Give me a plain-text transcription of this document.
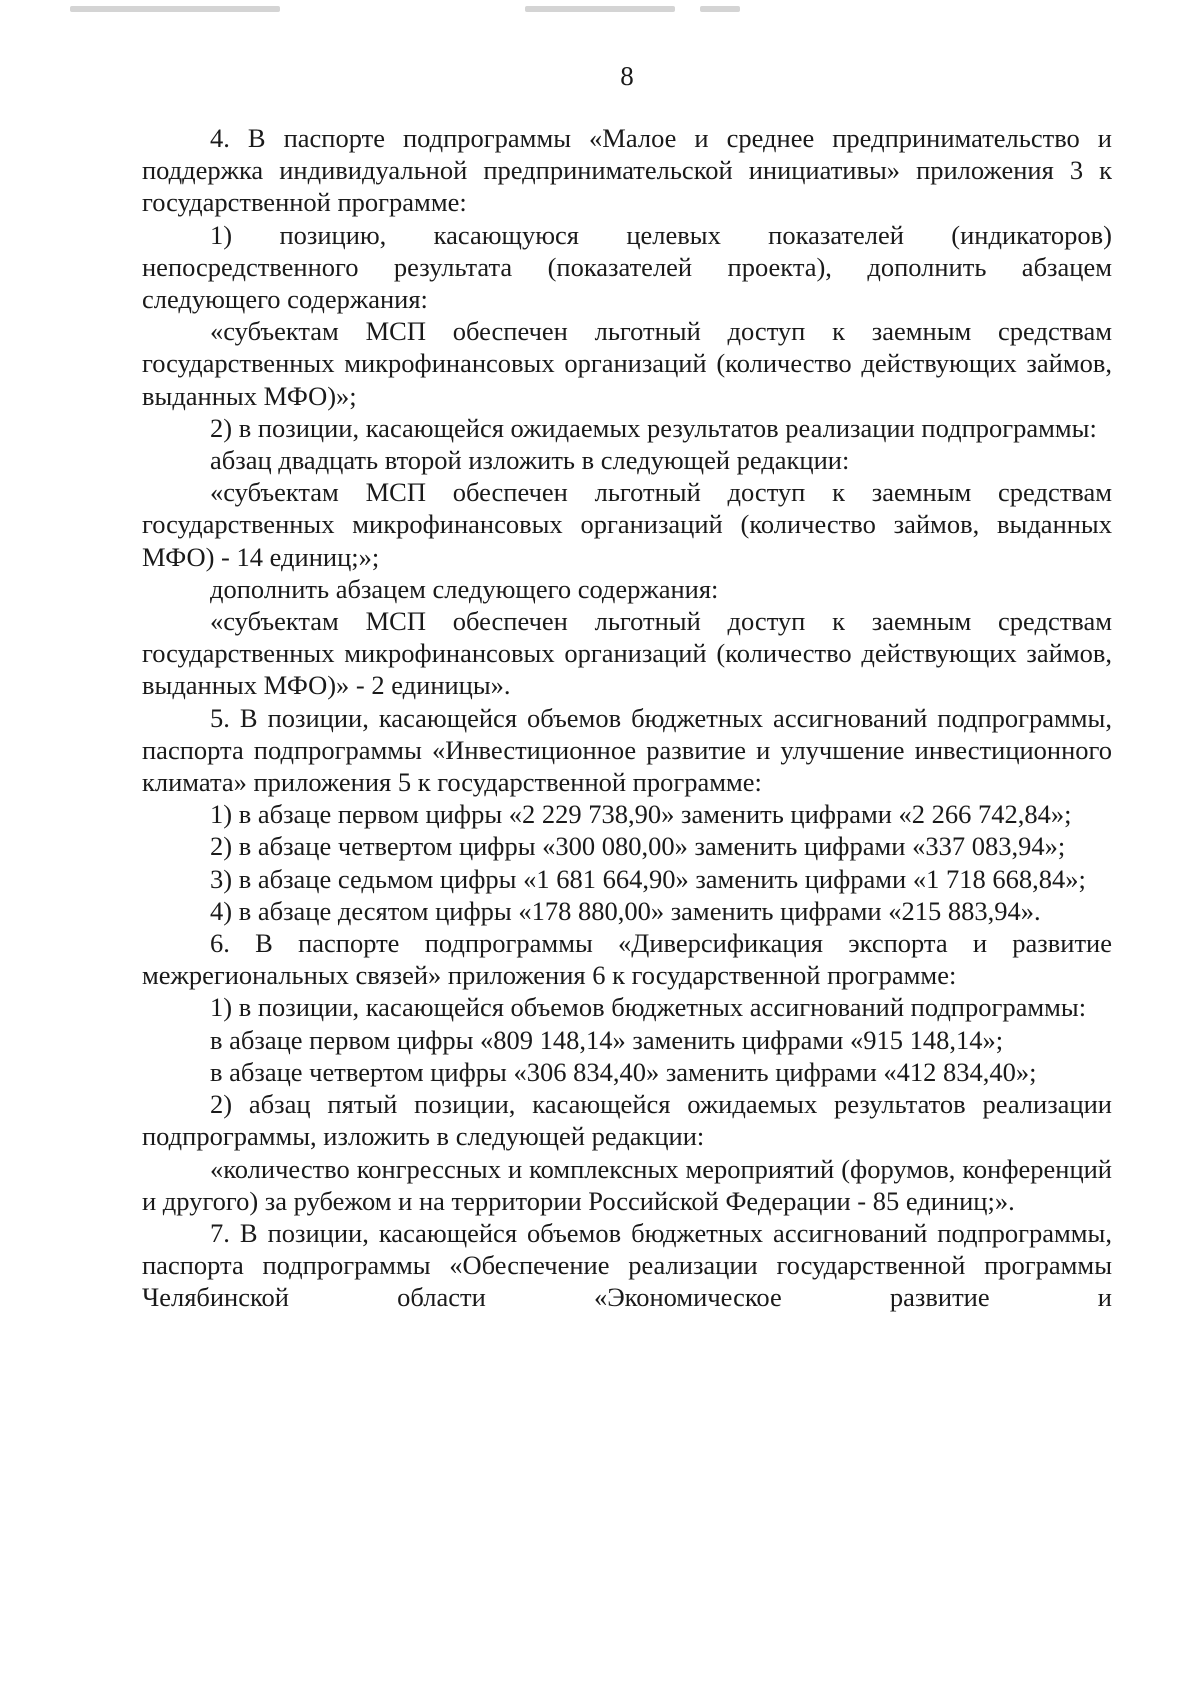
8

4. В паспорте подпрограммы «Малое и среднее предпринимательство и поддержка индивидуальной предпринимательской инициативы» приложения 3 к государственной программе:

1) позицию, касающуюся целевых показателей (индикаторов) непосредственного результата (показателей проекта), дополнить абзацем следующего содержания:

«субъектам МСП обеспечен льготный доступ к заемным средствам государственных микрофинансовых организаций (количество действующих займов, выданных МФО)»;

2) в позиции, касающейся ожидаемых результатов реализации подпрограммы:

абзац двадцать второй изложить в следующей редакции:

«субъектам МСП обеспечен льготный доступ к заемным средствам государственных микрофинансовых организаций (количество займов, выданных МФО) - 14 единиц;»;

дополнить абзацем следующего содержания:

«субъектам МСП обеспечен льготный доступ к заемным средствам государственных микрофинансовых организаций (количество действующих займов, выданных МФО)» - 2 единицы».

5. В позиции, касающейся объемов бюджетных ассигнований подпрограммы, паспорта подпрограммы «Инвестиционное развитие и улучшение инвестиционного климата» приложения 5 к государственной программе:

1) в абзаце первом цифры «2 229 738,90» заменить цифрами «2 266 742,84»;

2) в абзаце четвертом цифры «300 080,00» заменить цифрами «337 083,94»;

3) в абзаце седьмом цифры «1 681 664,90» заменить цифрами «1 718 668,84»;

4) в абзаце десятом цифры «178 880,00» заменить цифрами «215 883,94».

6. В паспорте подпрограммы «Диверсификация экспорта и развитие межрегиональных связей» приложения 6 к государственной программе:

1) в позиции, касающейся объемов бюджетных ассигнований подпрограммы:

в абзаце первом цифры «809 148,14» заменить цифрами «915 148,14»;

в абзаце четвертом цифры «306 834,40» заменить цифрами «412 834,40»;

2) абзац пятый позиции, касающейся ожидаемых результатов реализации подпрограммы, изложить в следующей редакции:

«количество конгрессных и комплексных мероприятий (форумов, конференций и другого) за рубежом и на территории Российской Федерации - 85 единиц;».

7. В позиции, касающейся объемов бюджетных ассигнований подпрограммы, паспорта подпрограммы «Обеспечение реализации государственной программы Челябинской области «Экономическое развитие и
